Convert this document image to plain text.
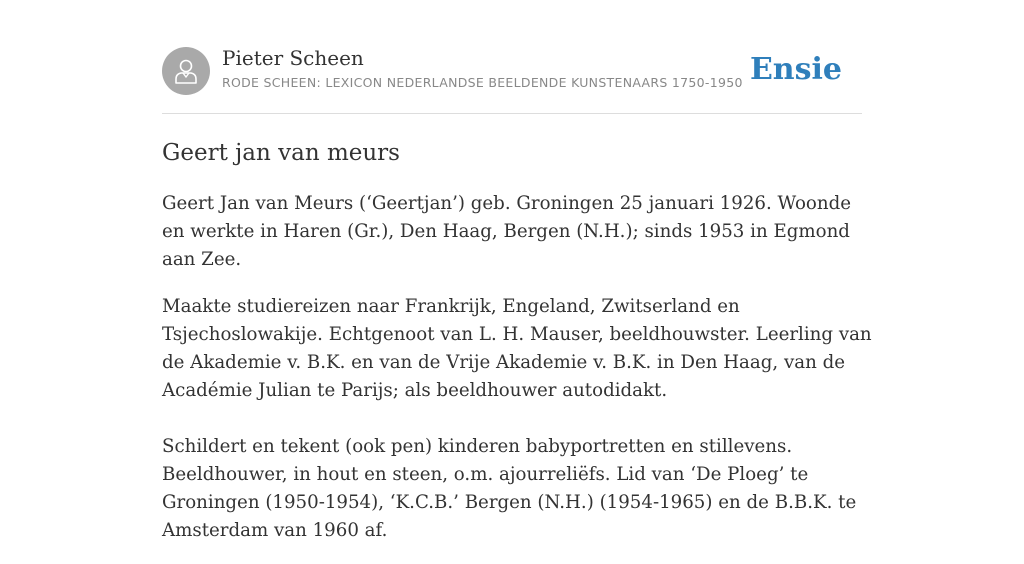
Pieter Scheen
RODE SCHEEN: LEXICON NEDERLANDSE BEELDENDE KUNSTENAARS 1750-1950 Ensie
Geert jan van meurs

Geert Jan van Meurs (‘Geertjan’) geb. Groningen 25 januari 1926. Woonde en werkte in Haren (Gr.), Den Haag, Bergen (N.H.); sinds 1953 in Egmond aan Zee.

Maakte studiereizen naar Frankrijk, Engeland, Zwitserland en Tsjechoslowakije. Echtgenoot van L. H. Mauser, beeldhouwster. Leerling van de Akademie v. B.K. en van de Vrije Akademie v. B.K. in Den Haag, van de Académie Julian te Parijs; als beeldhouwer autodidakt.

Schildert en tekent (ook pen) kinderen babyportretten en stillevens. Beeldhouwer, in hout en steen, o.m. ajourreliëfs. Lid van ‘De Ploeg’ te Groningen (1950-1954), ‘K.C.B.’ Bergen (N.H.) (1954-1965) en de B.B.K. te Amsterdam van 1960 af.
